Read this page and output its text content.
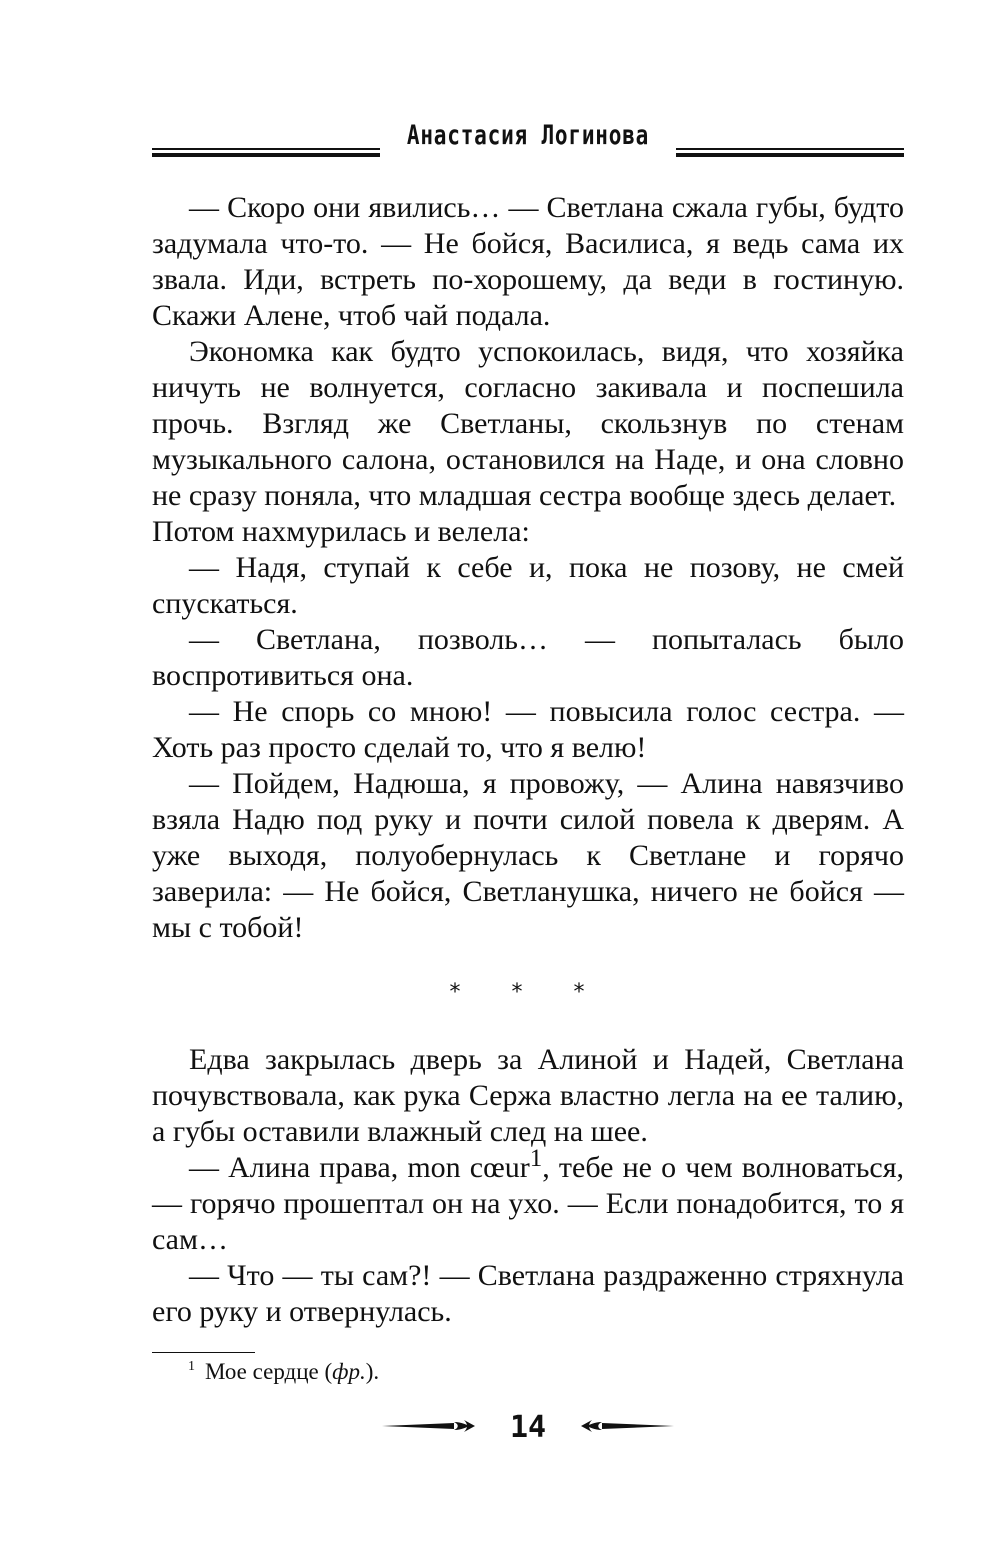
Анастасия Логинова

— Скоро они явились… — Светлана сжала губы, будто задумала что-то. — Не бойся, Василиса, я ведь сама их звала. Иди, встреть по-хорошему, да веди в гостиную. Скажи Алене, чтоб чай подала.

Экономка как будто успокоилась, видя, что хозяйка ничуть не волнуется, согласно закивала и поспешила прочь. Взгляд же Светланы, скользнув по стенам музыкального салона, остановился на Наде, и она словно не сразу поняла, что младшая сестра вообще здесь делает.

Потом нахмурилась и велела:

— Надя, ступай к себе и, пока не позову, не смей спускаться.

— Светлана, позволь… — попыталась было воспротивиться она.

— Не спорь со мною! — повысила голос сестра. — Хоть раз просто сделай то, что я велю!

— Пойдем, Надюша, я провожу, — Алина навязчиво взяла Надю под руку и почти силой повела к дверям. А уже выходя, полуобернулась к Светлане и горячо заверила: — Не бойся, Светланушка, ничего не бойся — мы с тобой!

* * *

Едва закрылась дверь за Алиной и Надей, Светлана почувствовала, как рука Сержа властно легла на ее талию, а губы оставили влажный след на шее.

— Алина права, mon cœur$^1$, тебе не о чем волноваться, — горячо прошептал он на ухо. — Если понадобится, то я сам…

— Что — ты сам?! — Светлана раздраженно стряхнула его руку и отвернулась.

$^1$ Мое сердце (фр.).
14
